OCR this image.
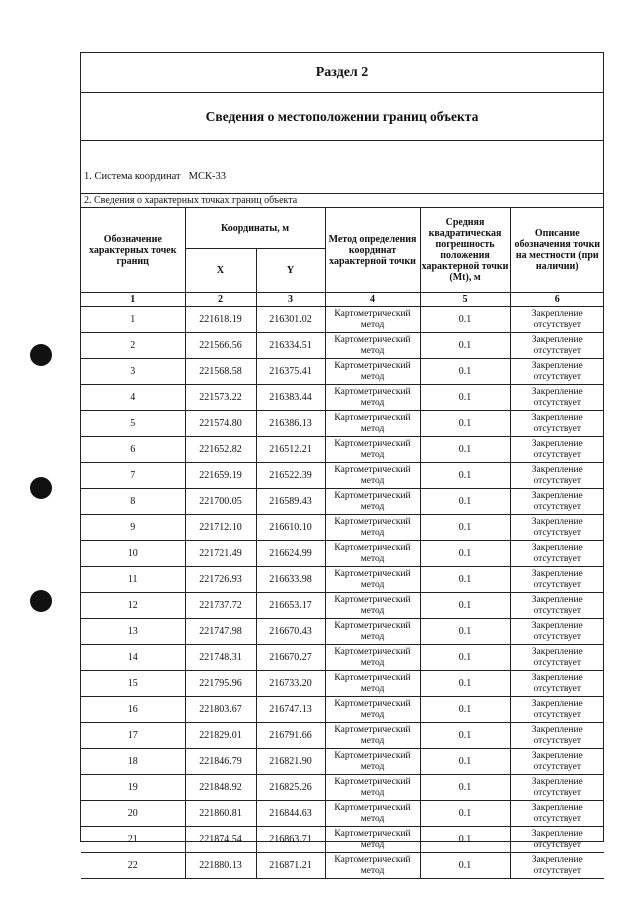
Раздел 2
Сведения о местоположении границ объекта
1. Система координат МСК-33
2. Сведения о характерных точках границ объекта
Обозначение характерных точек границ	Координаты, м		Метод определения координат характерной точки	Средняя квадратическая погрешность положения характерной точки (Mt), м	Описание обозначения точки на местности (при наличии)
	X	Y			
1	2	3	4	5	6
1	221618.19	216301.02	Картометрический метод	0.1	Закрепление отсутствует
2	221566.56	216334.51	Картометрический метод	0.1	Закрепление отсутствует
3	221568.58	216375.41	Картометрический метод	0.1	Закрепление отсутствует
4	221573.22	216383.44	Картометрический метод	0.1	Закрепление отсутствует
5	221574.80	216386.13	Картометрический метод	0.1	Закрепление отсутствует
6	221652.82	216512.21	Картометрический метод	0.1	Закрепление отсутствует
7	221659.19	216522.39	Картометрический метод	0.1	Закрепление отсутствует
8	221700.05	216589.43	Картометрический метод	0.1	Закрепление отсутствует
9	221712.10	216610.10	Картометрический метод	0.1	Закрепление отсутствует
10	221721.49	216624.99	Картометрический метод	0.1	Закрепление отсутствует
11	221726.93	216633.98	Картометрический метод	0.1	Закрепление отсутствует
12	221737.72	216653.17	Картометрический метод	0.1	Закрепление отсутствует
13	221747.98	216670.43	Картометрический метод	0.1	Закрепление отсутствует
14	221748.31	216670.27	Картометрический метод	0.1	Закрепление отсутствует
15	221795.96	216733.20	Картометрический метод	0.1	Закрепление отсутствует
16	221803.67	216747.13	Картометрический метод	0.1	Закрепление отсутствует
17	221829.01	216791.66	Картометрический метод	0.1	Закрепление отсутствует
18	221846.79	216821.90	Картометрический метод	0.1	Закрепление отсутствует
19	221848.92	216825.26	Картометрический метод	0.1	Закрепление отсутствует
20	221860.81	216844.63	Картометрический метод	0.1	Закрепление отсутствует
21	221874.54	216863.71	Картометрический метод	0.1	Закрепление отсутствует
22	221880.13	216871.21	Картометрический метод	0.1	Закрепление отсутствует
